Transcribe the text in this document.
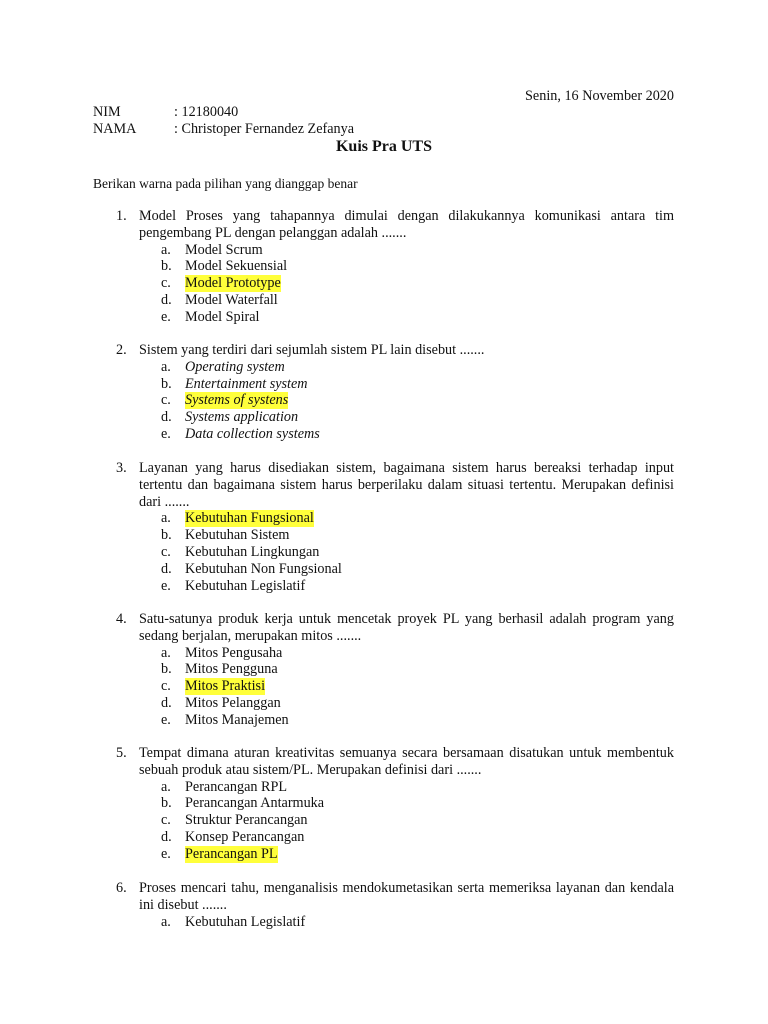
Senin, 16 November 2020
NIM	: 12180040
NAMA	: Christoper Fernandez Zefanya
Kuis Pra UTS
Berikan warna pada pilihan yang dianggap benar
1. Model Proses yang tahapannya dimulai dengan dilakukannya komunikasi antara tim pengembang PL dengan pelanggan adalah .......
a. Model Scrum
b. Model Sekuensial
c. Model Prototype
d. Model Waterfall
e. Model Spiral
2. Sistem yang terdiri dari sejumlah sistem PL lain disebut .......
a. Operating system
b. Entertainment system
c. Systems of systens
d. Systems application
e. Data collection systems
3. Layanan yang harus disediakan sistem, bagaimana sistem harus bereaksi terhadap input tertentu dan bagaimana sistem harus berperilaku dalam situasi tertentu. Merupakan definisi dari .......
a. Kebutuhan Fungsional
b. Kebutuhan Sistem
c. Kebutuhan Lingkungan
d. Kebutuhan Non Fungsional
e. Kebutuhan Legislatif
4. Satu-satunya produk kerja untuk mencetak proyek PL yang berhasil adalah program yang sedang berjalan, merupakan mitos .......
a. Mitos Pengusaha
b. Mitos Pengguna
c. Mitos Praktisi
d. Mitos Pelanggan
e. Mitos Manajemen
5. Tempat dimana aturan kreativitas semuanya secara bersamaan disatukan untuk membentuk sebuah produk atau sistem/PL. Merupakan definisi dari .......
a. Perancangan RPL
b. Perancangan Antarmuka
c. Struktur Perancangan
d. Konsep Perancangan
e. Perancangan PL
6. Proses mencari tahu, menganalisis mendokumetasikan serta memeriksa layanan dan kendala ini disebut .......
a. Kebutuhan Legislatif
